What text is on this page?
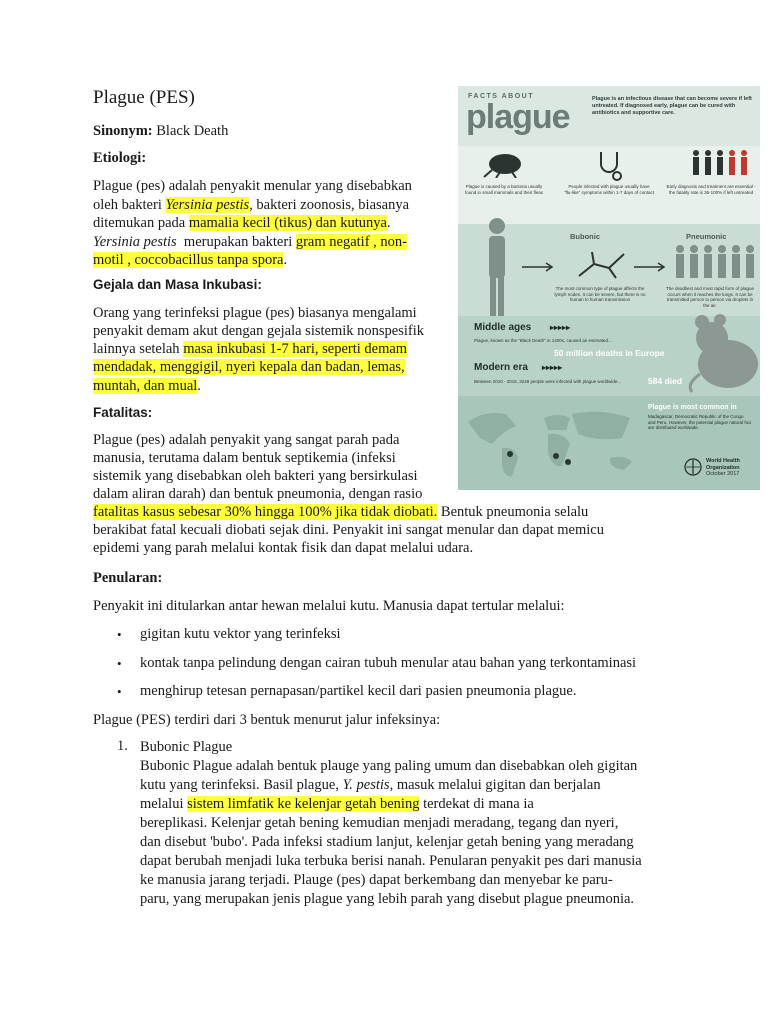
Plague (PES)

Sinonym: Black Death

Etiologi:

Plague (pes) adalah penyakit menular yang disebabkan

oleh bakteri Yersinia pestis, bakteri zoonosis, biasanya

ditemukan pada mamalia kecil (tikus) dan kutunya.

Yersinia pestis  merupakan bakteri gram negatif , non-

motil , coccobacillus tanpa spora.

Gejala dan Masa Inkubasi:

Orang yang terinfeksi plague (pes) biasanya mengalami

penyakit demam akut dengan gejala sistemik nonspesifik

lainnya setelah masa inkubasi 1-7 hari, seperti demam

mendadak, menggigil, nyeri kepala dan badan, lemas,

muntah, dan mual.

Fatalitas:

Plague (pes) adalah penyakit yang sangat parah pada

manusia, terutama dalam bentuk septikemia (infeksi

sistemik yang disebabkan oleh bakteri yang bersirkulasi

dalam aliran darah) dan bentuk pneumonia, dengan rasio

fatalitas kasus sebesar 30% hingga 100% jika tidak diobati. Bentuk pneumonia selalu

berakibat fatal kecuali diobati sejak dini. Penyakit ini sangat menular dan dapat memicu

epidemi yang parah melalui kontak fisik dan dapat melalui udara.

Penularan:

Penyakit ini ditularkan antar hewan melalui kutu. Manusia dapat tertular melalui:

• gigitan kutu vektor yang terinfeksi
• kontak tanpa pelindung dengan cairan tubuh menular atau bahan yang terkontaminasi
• menghirup tetesan pernapasan/partikel kecil dari pasien pneumonia plague.

Plague (PES) terdiri dari 3 bentuk menurut jalur infeksinya:

1. Bubonic Plague
Bubonic Plague adalah bentuk plauge yang paling umum dan disebabkan oleh gigitan
kutu yang terinfeksi. Basil plague, Y. pestis, masuk melalui gigitan dan berjalan
melalui sistem limfatik ke kelenjar getah bening terdekat di mana ia
bereplikasi. Kelenjar getah bening kemudian menjadi meradang, tegang dan nyeri,
dan disebut 'bubo'. Pada infeksi stadium lanjut, kelenjar getah bening yang meradang
dapat berubah menjadi luka terbuka berisi nanah. Penularan penyakit pes dari manusia
ke manusia jarang terjadi. Plauge (pes) dapat berkembang dan menyebar ke paru-
paru, yang merupakan jenis plague yang lebih parah yang disebut plague pneumonia.
FACTS ABOUT
plague	Plague is an infectious disease that can become severe if left untreated. If diagnosed early, plague can be cured with antibiotics and supportive care.
Plague is caused by a bacteria usually found in small mammals and their fleas
People infected with plague usually have "flu-like" symptoms within 1-7 days of contact
Early diagnosis and treatment are essential - the fatality rate is 35-100% if left untreated
Bubonic	Pneumonic
The most common type of plague affects the lymph nodes. It can be severe, but there is no human to human transmission
The deadliest and most rapid form of plague occurs when it reaches the lungs. It can be transmitted person to person via droplets in the air.
Middle ages ▸▸▸▸▸
Plague, known as the "Black Death" in 1400s, caused an estimated...
50 million deaths in Europe
Modern era ▸▸▸▸▸
Between 2010 - 2015, 3248 people were infected with plague worldwide...	584 died
Plague is most common in
Madagascar, Democratic Republic of the Congo and Peru. However, the potential plague natural foci are distributed worldwide.
World Health Organization
October 2017
